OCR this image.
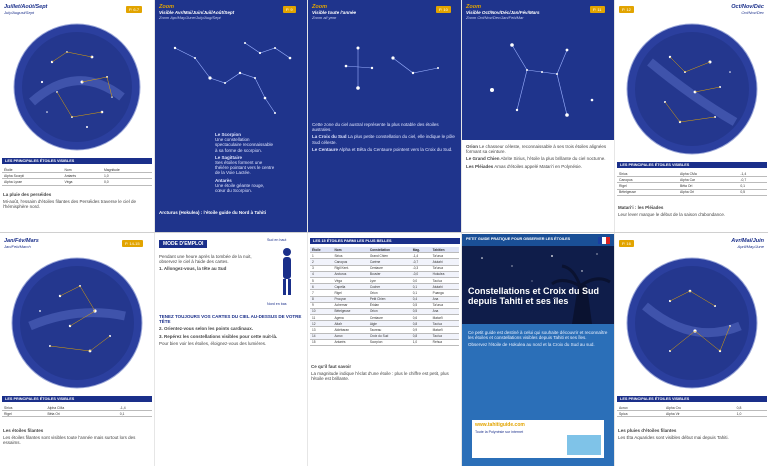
Juillet/Août/Sept
July/August/Sept
P. 6-7
LES PRINCIPALES ÉTOILES VISIBLES
Étoile	Nom	Magnitude
Alpha Scorpii	Antarès	1,0
Alpha Lyrae	Véga	0,0

La pluie des perséides

Mi-août, l'essaim d'étoiles filantes des Perséides traverse le ciel de l'hémisphère nord.

Zoom
Visible Avr/Mai/Juin/Juil/Août/Sept
Zoom Apr/May/June/July/Aug/Sept
P. 9

Le Scorpion
Une constellation spectaculaire reconnaissable à sa forme de scorpion.

Le Sagittaire
Ses étoiles forment une théière pointant vers le centre de la Voie Lactée.

Antarès
Une étoile géante rouge, cœur du Scorpion.

Arcturus (Hokulea) : l'étoile guide du Nord à Tahiti
Zoom
Visible toute l'année
Zoom all year
P. 10

Cette zone du ciel austral représente la plus notable des étoiles australes.

La Croix du Sud La plus petite constellation du ciel, elle indique le pôle Sud céleste.

Le Centaure Alpha et Bêta du Centaure pointent vers la Croix du Sud.

Zoom
Visible Oct/Nov/Déc/Jan/Fév/Mars
Zoom Oct/Nov/Dec/Jan/Feb/Mar
P. 11

Orion Le chasseur céleste, reconnaissable à ses trois étoiles alignées formant sa ceinture.

Le Grand Chien Abrite Sirius, l'étoile la plus brillante du ciel nocturne.

Les Pléiades Amas d'étoiles appelé Matari'i en Polynésie.

Oct/Nov/Déc
Oct/Nov/Dec
P. 12
LES PRINCIPALES ÉTOILES VISIBLES
Sirius	Alpha CMa	-1,4
Canopus	Alpha Car	-0,7
Rigel	Bêta Ori	0,1
Bételgeuse	Alpha Ori	0,5

Matari'i : les Pléiades

Leur lever marque le début de la saison d'abondance.

Jan/Fév/Mars
Jan/Feb/March
P. 14-15
LES PRINCIPALES ÉTOILES VISIBLES
Sirius	Alpha CMa	-1,4
Rigel	Bêta Ori	0,1

Les étoiles filantes

Les étoiles filantes sont visibles toute l'année mais surtout lors des essaims.

MODE D'EMPLOI
Sud en haut
Nord en bas

Pendant une heure après la tombée de la nuit, observez le ciel à l'aide des cartes.

1. Allongez-vous, la tête au Sud

TENEZ TOUJOURS VOS CARTES DU CIEL AU-DESSUS DE VOTRE TÊTE

2. Orientez-vous selon les points cardinaux.

3. Repérez les constellations visibles pour cette nuit-là.

Pour bien voir les étoiles, éloignez-vous des lumières.

LES 15 ÉTOILES PARMI LES PLUS BELLES
Étoile	Nom	Constellation	Mag.	Tahitien
1	Sirius	Grand Chien	-1,4	Ta'urua
2	Canopus	Carène	-0,7	Atutahi
3	Rigil Kent.	Centaure	-0,3	Ta'urua
4	Arcturus	Bouvier	-0,0	Hokulea
5	Véga	Lyre	0,0	Tau'ua
6	Capella	Cocher	0,1	Atutahi
7	Rigel	Orion	0,1	Puanga
8	Procyon	Petit Chien	0,4	Ana
9	Achernar	Éridan	0,5	Ta'urua
10	Bételgeuse	Orion	0,5	Ana
11	Agena	Centaure	0,6	Matari'i
12	Altaïr	Aigle	0,8	Tau'ua
13	Aldébaran	Taureau	0,9	Matari'i
14	Acrux	Croix du Sud	0,8	Tau'ua
15	Antarès	Scorpion	1,0	Rehua

Ce qu'il faut savoir

La magnitude indique l'éclat d'une étoile : plus le chiffre est petit, plus l'étoile est brillante.

PETIT GUIDE PRATIQUE POUR OBSERVER LES ÉTOILES
Constellations et Croix du Sud depuis Tahiti et ses îles

Ce petit guide est destiné à celui qui souhaite découvrir et reconnaître les étoiles et constellations visibles depuis Tahiti et ses îles.

Observez l'étoile de Hokulea au nord et la Croix du Sud au sud.

www.tahitiguide.com
Toute la Polynésie sur internet
Avr/Mai/Juin
April/May/June
P. 16
LES PRINCIPALES ÉTOILES VISIBLES
Acrux	Alpha Cru	0,8
Spica	Alpha Vir	1,0

Les pluies d'étoiles filantes

Les Éta Aquarides sont visibles début mai depuis Tahiti.
